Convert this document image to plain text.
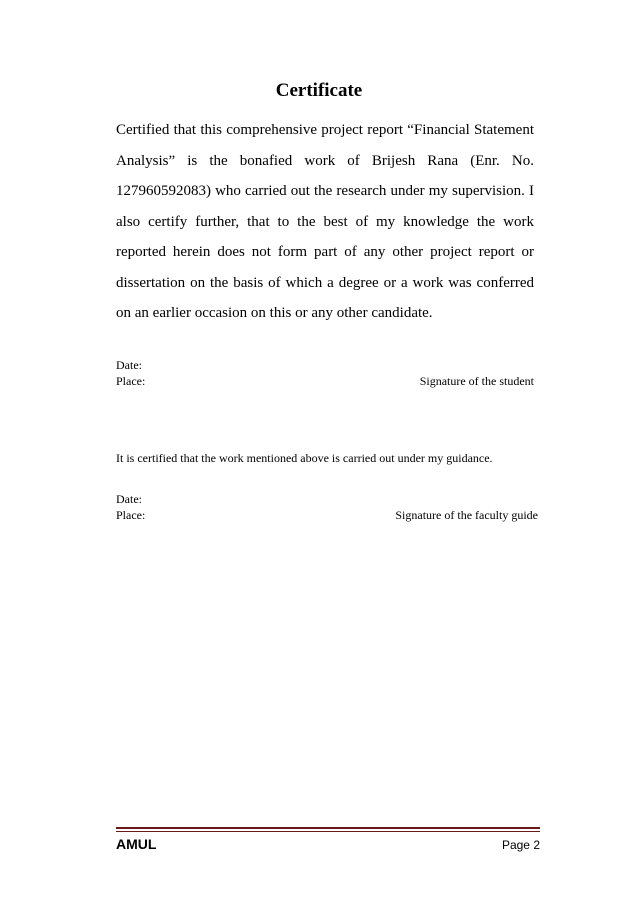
Certificate
Certified that this comprehensive project report “Financial Statement Analysis” is the bonafied work of Brijesh Rana (Enr. No. 127960592083) who carried out the research under my supervision. I also certify further, that to the best of my knowledge the work reported herein does not form part of any other project report or dissertation on the basis of which a degree or a work was conferred on an earlier occasion on this or any other candidate.
Date:
Place:	Signature of the student
It is certified that the work mentioned above is carried out under my guidance.
Date:
Place:	Signature of the faculty guide
AMUL	Page 2
